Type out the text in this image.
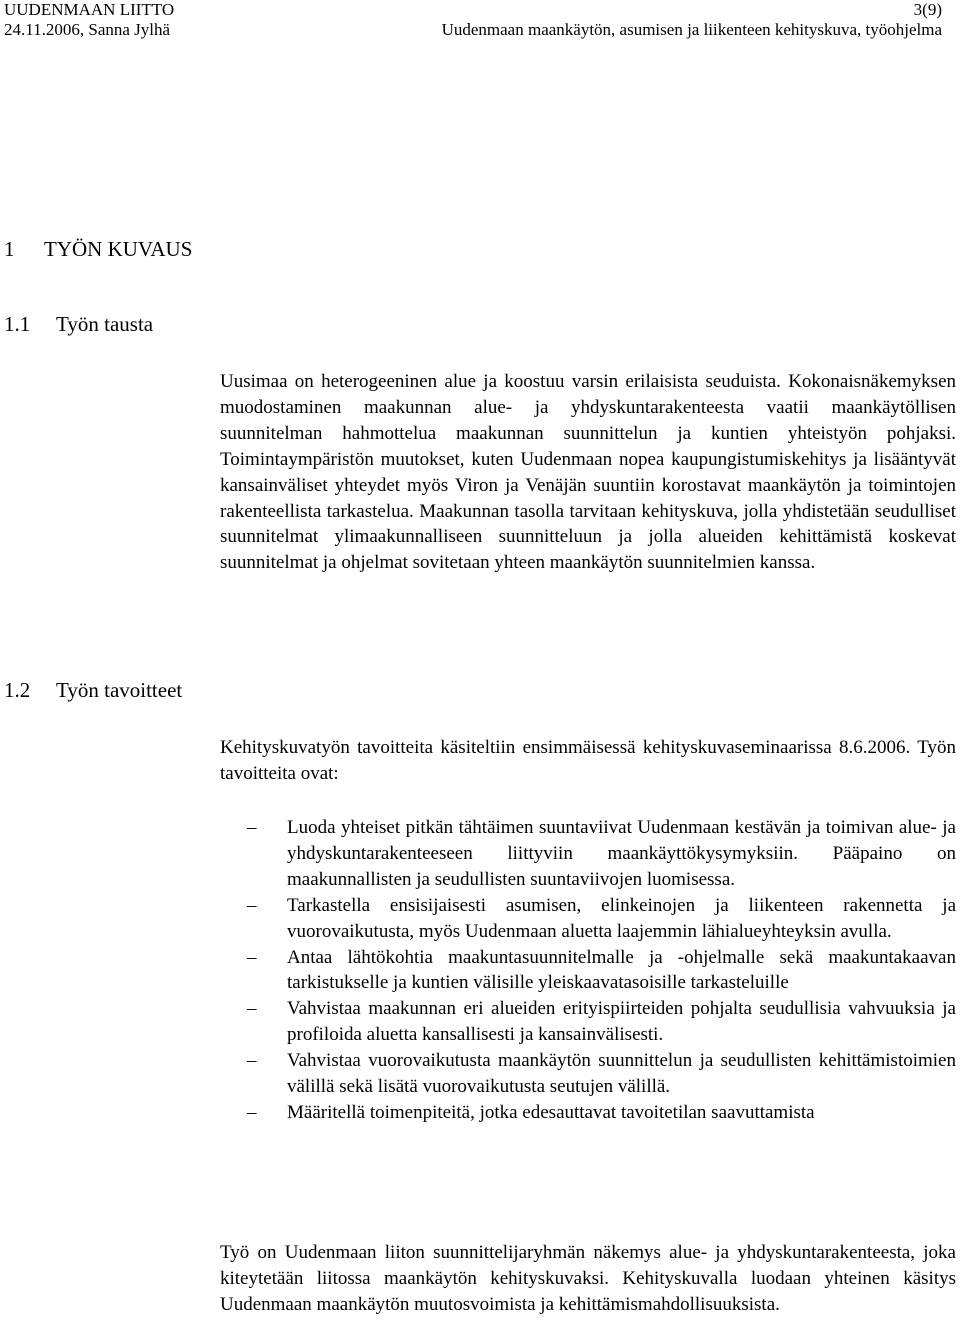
UUDENMAAN LIITTO	3(9)
24.11.2006, Sanna Jylhä	Uudenmaan maankäytön, asumisen ja liikenteen kehityskuva, työohjelma
1 TYÖN KUVAUS
1.1 Työn tausta

Uusimaa on heterogeeninen alue ja koostuu varsin erilaisista seuduista. Kokonaisnäkemyksen muodostaminen maakunnan alue- ja yhdyskuntarakenteesta vaatii maankäytöllisen suunnitelman hahmottelua maakunnan suunnittelun ja kuntien yhteistyön pohjaksi. Toimintaympäristön muutokset, kuten Uudenmaan nopea kaupungistumiskehitys ja lisääntyvät kansainväliset yhteydet myös Viron ja Venäjän suuntiin korostavat maankäytön ja toimintojen rakenteellista tarkastelua. Maakunnan tasolla tarvitaan kehityskuva, jolla yhdistetään seudulliset suunnitelmat ylimaakunnalliseen suunnitteluun ja jolla alueiden kehittämistä koskevat suunnitelmat ja ohjelmat sovitetaan yhteen maankäytön suunnitelmien kanssa.

1.2 Työn tavoitteet

Kehityskuvatyön tavoitteita käsiteltiin ensimmäisessä kehityskuvaseminaarissa 8.6.2006. Työn tavoitteita ovat:

– Luoda yhteiset pitkän tähtäimen suuntaviivat Uudenmaan kestävän ja toimivan alue- ja yhdyskuntarakenteeseen liittyviin maankäyttökysymyksiin. Pääpaino on maakunnallisten ja seudullisten suuntaviivojen luomisessa.
– Tarkastella ensisijaisesti asumisen, elinkeinojen ja liikenteen rakennetta ja vuorovaikutusta, myös Uudenmaan aluetta laajemmin lähialueyhteyksin avulla.
– Antaa lähtökohtia maakuntasuunnitelmalle ja -ohjelmalle sekä maakuntakaavan tarkistukselle ja kuntien välisille yleiskaavatasoisille tarkasteluille
– Vahvistaa maakunnan eri alueiden erityispiirteiden pohjalta seudullisia vahvuuksia ja profiloida aluetta kansallisesti ja kansainvälisesti.
– Vahvistaa vuorovaikutusta maankäytön suunnittelun ja seudullisten kehittämistoimien välillä sekä lisätä vuorovaikutusta seutujen välillä.
– Määritellä toimenpiteitä, jotka edesauttavat tavoitetilan saavuttamista

Työ on Uudenmaan liiton suunnittelijaryhmän näkemys alue- ja yhdyskuntarakenteesta, joka kiteytetään liitossa maankäytön kehityskuvaksi. Kehityskuvalla luodaan yhteinen käsitys Uudenmaan maankäytön muutosvoimista ja kehittämismahdollisuuksista.
